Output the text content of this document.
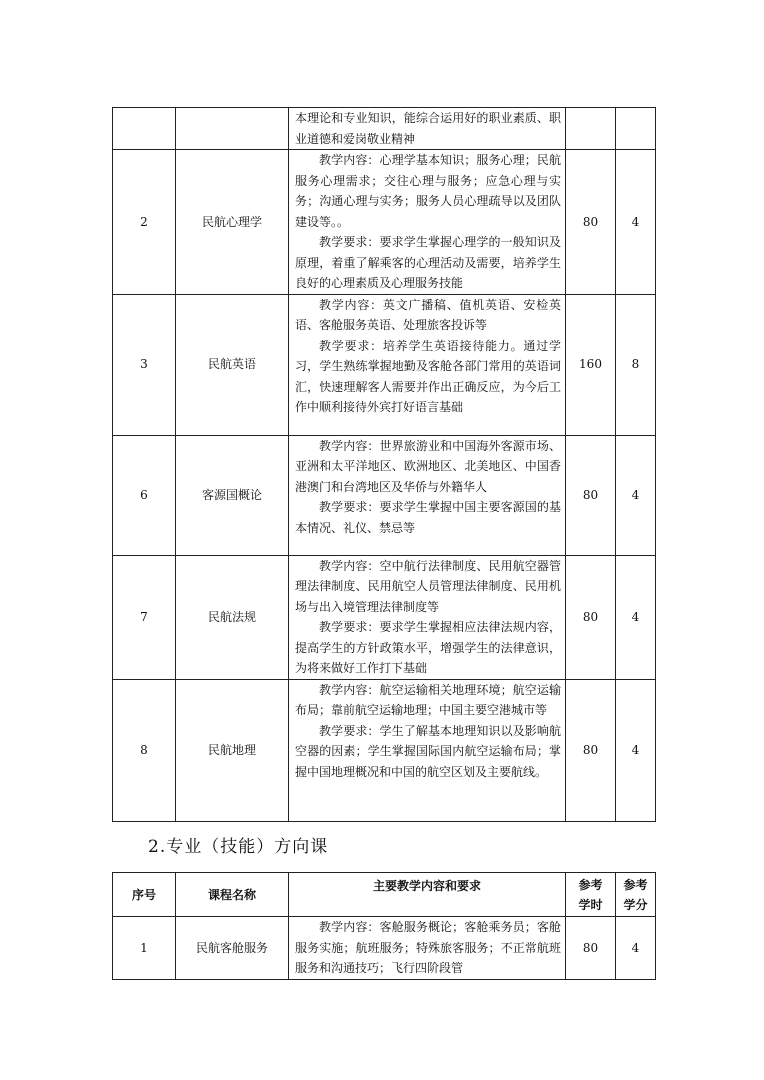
		本理论和专业知识，能综合运用好的职业素质、职业道德和爱岗敬业精神		

2	民航心理学	教学内容：心理学基本知识；服务心理；民航服务心理需求；交往心理与服务；应急心理与实务；沟通心理与实务；服务人员心理疏导以及团队建设等。。
教学要求：要求学生掌握心理学的一般知识及原理，着重了解乘客的心理活动及需要，培养学生良好的心理素质及心理服务技能	80	4
3	民航英语	教学内容：英文广播稿、值机英语、安检英语、客舱服务英语、处理旅客投诉等
教学要求：培养学生英语接待能力。通过学习，学生熟练掌握地勤及客舱各部门常用的英语词汇，快速理解客人需要并作出正确反应，为今后工作中顺利接待外宾打好语言基础	160	8
6	客源国概论	教学内容：世界旅游业和中国海外客源市场、亚洲和太平洋地区、欧洲地区、北美地区、中国香港澳门和台湾地区及华侨与外籍华人
教学要求：要求学生掌握中国主要客源国的基本情况、礼仪、禁忌等	80	4
7	民航法规	教学内容：空中航行法律制度、民用航空器管理法律制度、民用航空人员管理法律制度、民用机场与出入境管理法律制度等
教学要求：要求学生掌握相应法律法规内容，提高学生的方针政策水平，增强学生的法律意识，为将来做好工作打下基础	80	4
8	民航地理	教学内容：航空运输相关地理环境；航空运输布局；靠前航空运输地理；中国主要空港城市等
教学要求：学生了解基本地理知识以及影响航空器的因素；学生掌握国际国内航空运输布局；掌握中国地理概况和中国的航空区划及主要航线。	80	4
2.专业（技能）方向课
序号	课程名称	主要教学内容和要求	参考学时	参考学分
1	民航客舱服务	教学内容：客舱服务概论；客舱乘务员；客舱服务实施；航班服务；特殊旅客服务；不正常航班服务和沟通技巧；飞行四阶段管	80	4
